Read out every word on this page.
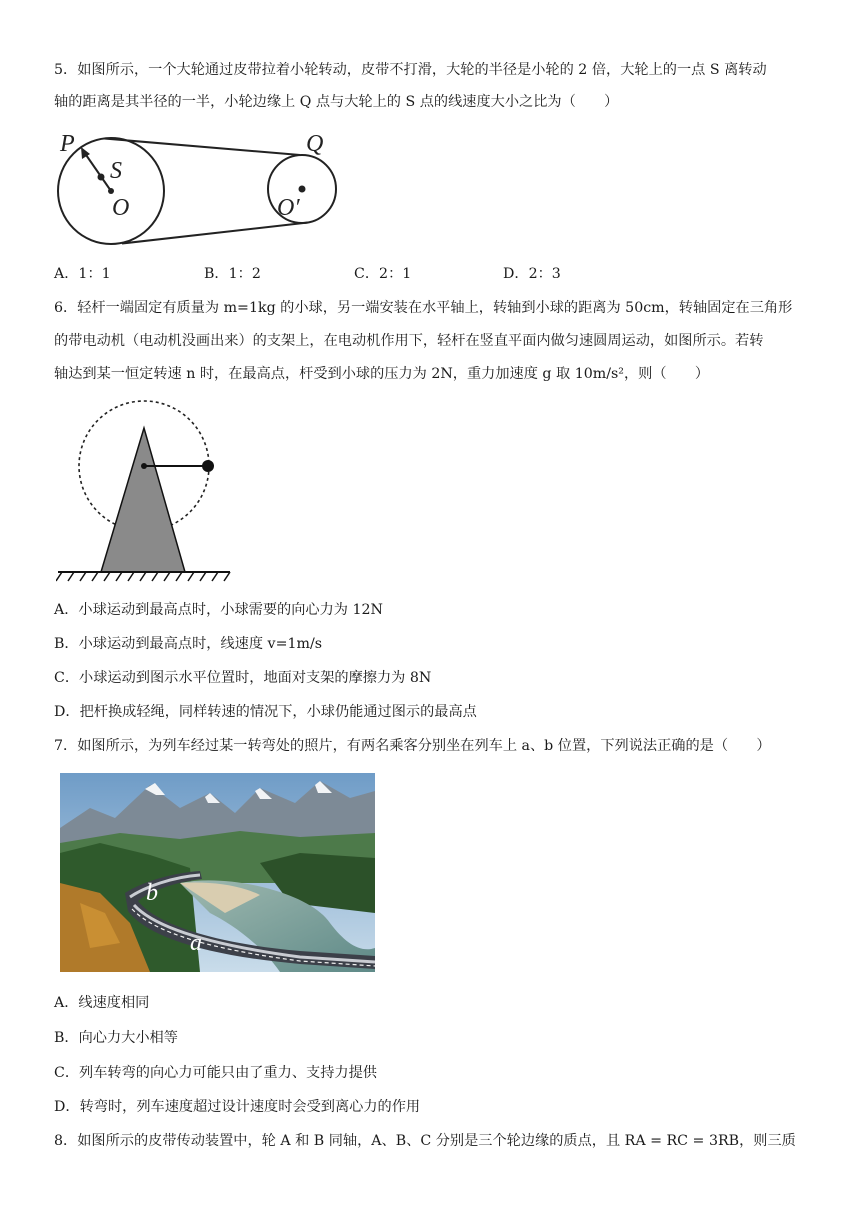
5．如图所示，一个大轮通过皮带拉着小轮转动，皮带不打滑，大轮的半径是小轮的 2 倍，大轮上的一点 S 离转动
轴的距离是其半径的一半，小轮边缘上 Q 点与大轮上的 S 点的线速度大小之比为（　　）
P
S
O
Q
O′
A．1：1	B．1：2	C．2：1	D．2：3
6．轻杆一端固定有质量为 m=1kg 的小球，另一端安装在水平轴上，转轴到小球的距离为 50cm，转轴固定在三角形
的带电动机（电动机没画出来）的支架上，在电动机作用下，轻杆在竖直平面内做匀速圆周运动，如图所示。若转
轴达到某一恒定转速 n 时，在最高点，杆受到小球的压力为 2N，重力加速度 g 取 10m/s²，则（　　）
A．小球运动到最高点时，小球需要的向心力为 12N
B．小球运动到最高点时，线速度 v=1m/s
C．小球运动到图示水平位置时，地面对支架的摩擦力为 8N
D．把杆换成轻绳，同样转速的情况下，小球仍能通过图示的最高点
7．如图所示，为列车经过某一转弯处的照片，有两名乘客分别坐在列车上 a、b 位置，下列说法正确的是（　　）
b
a
A．线速度相同
B．向心力大小相等
C．列车转弯的向心力可能只由了重力、支持力提供
D．转弯时，列车速度超过设计速度时会受到离心力的作用
8．如图所示的皮带传动装置中，轮 A 和 B 同轴，A、B、C 分别是三个轮边缘的质点，且 RA = RC = 3RB，则三质
